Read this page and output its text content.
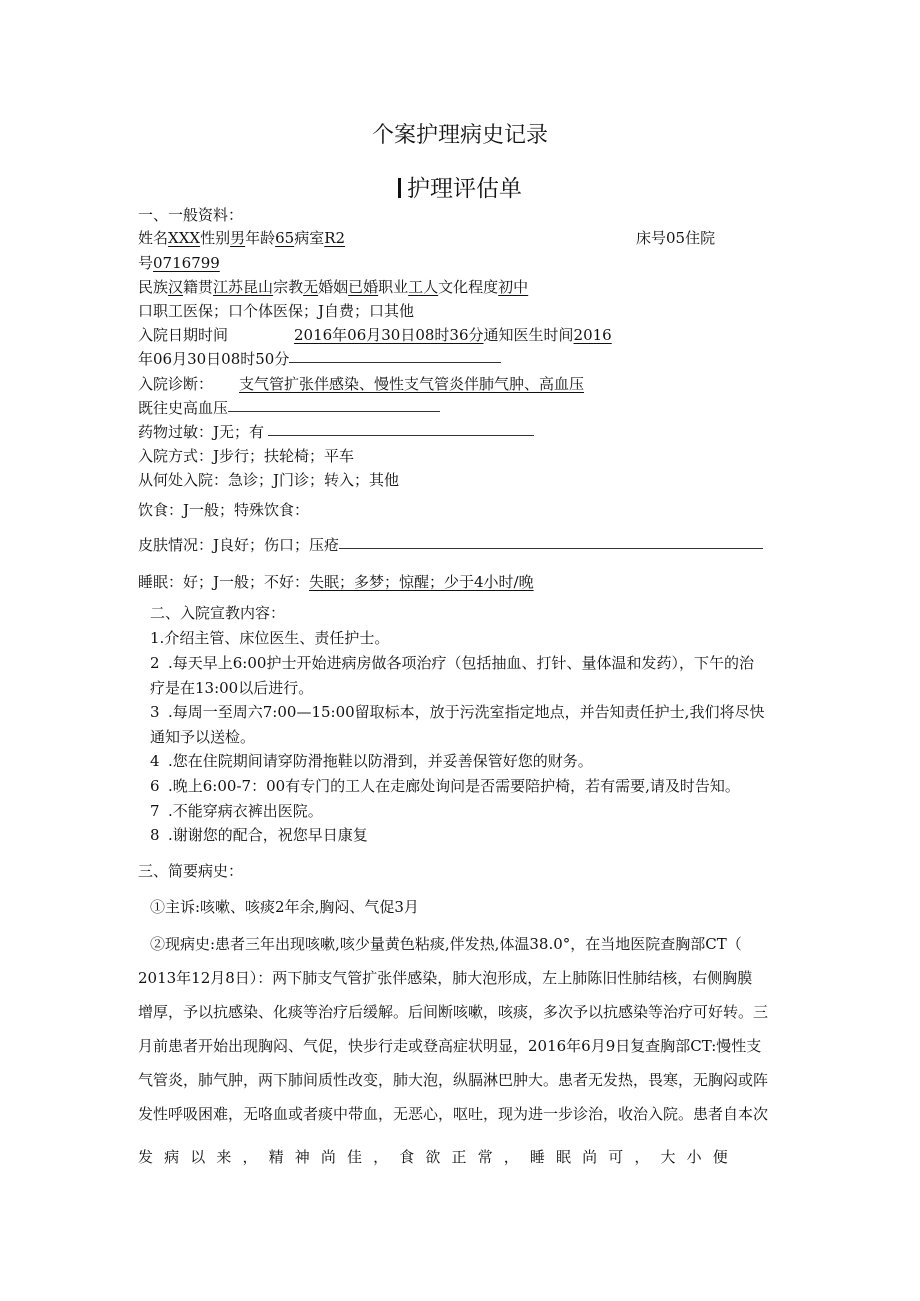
个案护理病史记录
护理评估单
一、一般资料：
姓名XXX性别男年龄65病室R2	床号05住院
号0716799
民族汉籍贯江苏昆山宗教无婚姻已婚职业工人文化程度初中
口职工医保；口个体医保；J自费；口其他
入院日期时间	2016年06月30日08时36分通知医生时间2016
年06月30日08时50分
入院诊断： 支气管扩张伴感染、慢性支气管炎伴肺气肿、高血压
既往史高血压
药物过敏：J无；有
入院方式：J步行；扶轮椅；平车
从何处入院：急诊；J门诊；转入；其他
饮食：J一般；特殊饮食：
皮肤情况：J良好；伤口；压疮
睡眠：好；J一般；不好：失眠；多梦；惊醒；少于4小时/晚
二、入院宣教内容：
1.介绍主管、床位医生、责任护士。
2 .每天早上6:00护士开始进病房做各项治疗（包括抽血、打针、量体温和发药），下午的治
疗是在13:00以后进行。
3 .每周一至周六7:00—15:00留取标本，放于污洗室指定地点，并告知责任护士,我们将尽快
通知予以送检。
4 .您在住院期间请穿防滑拖鞋以防滑到，并妥善保管好您的财务。
6 .晚上6:00-7：00有专门的工人在走廊处询问是否需要陪护椅，若有需要,请及时告知。
7 .不能穿病衣裤出医院。
8 .谢谢您的配合，祝您早日康复
三、简要病史：
①主诉:咳嗽、咳痰2年余,胸闷、气促3月
②现病史:患者三年出现咳嗽,咳少量黄色粘痰,伴发热,体温38.0°，在当地医院查胸部CT（
2013年12月8日）：两下肺支气管扩张伴感染，肺大泡形成，左上肺陈旧性肺结核，右侧胸膜
增厚，予以抗感染、化痰等治疗后缓解。后间断咳嗽，咳痰，多次予以抗感染等治疗可好转。三
月前患者开始出现胸闷、气促，快步行走或登高症状明显，2016年6月9日复查胸部CT:慢性支
气管炎，肺气肿，两下肺间质性改变，肺大泡，纵膈淋巴肿大。患者无发热，畏寒，无胸闷或阵
发性呼吸困难，无咯血或者痰中带血，无恶心，呕吐，现为进一步诊治，收治入院。患者自本次
发 病 以 来 ， 精 神 尚 佳 ， 食 欲 正 常 ， 睡 眠 尚 可 ， 大 小 便
